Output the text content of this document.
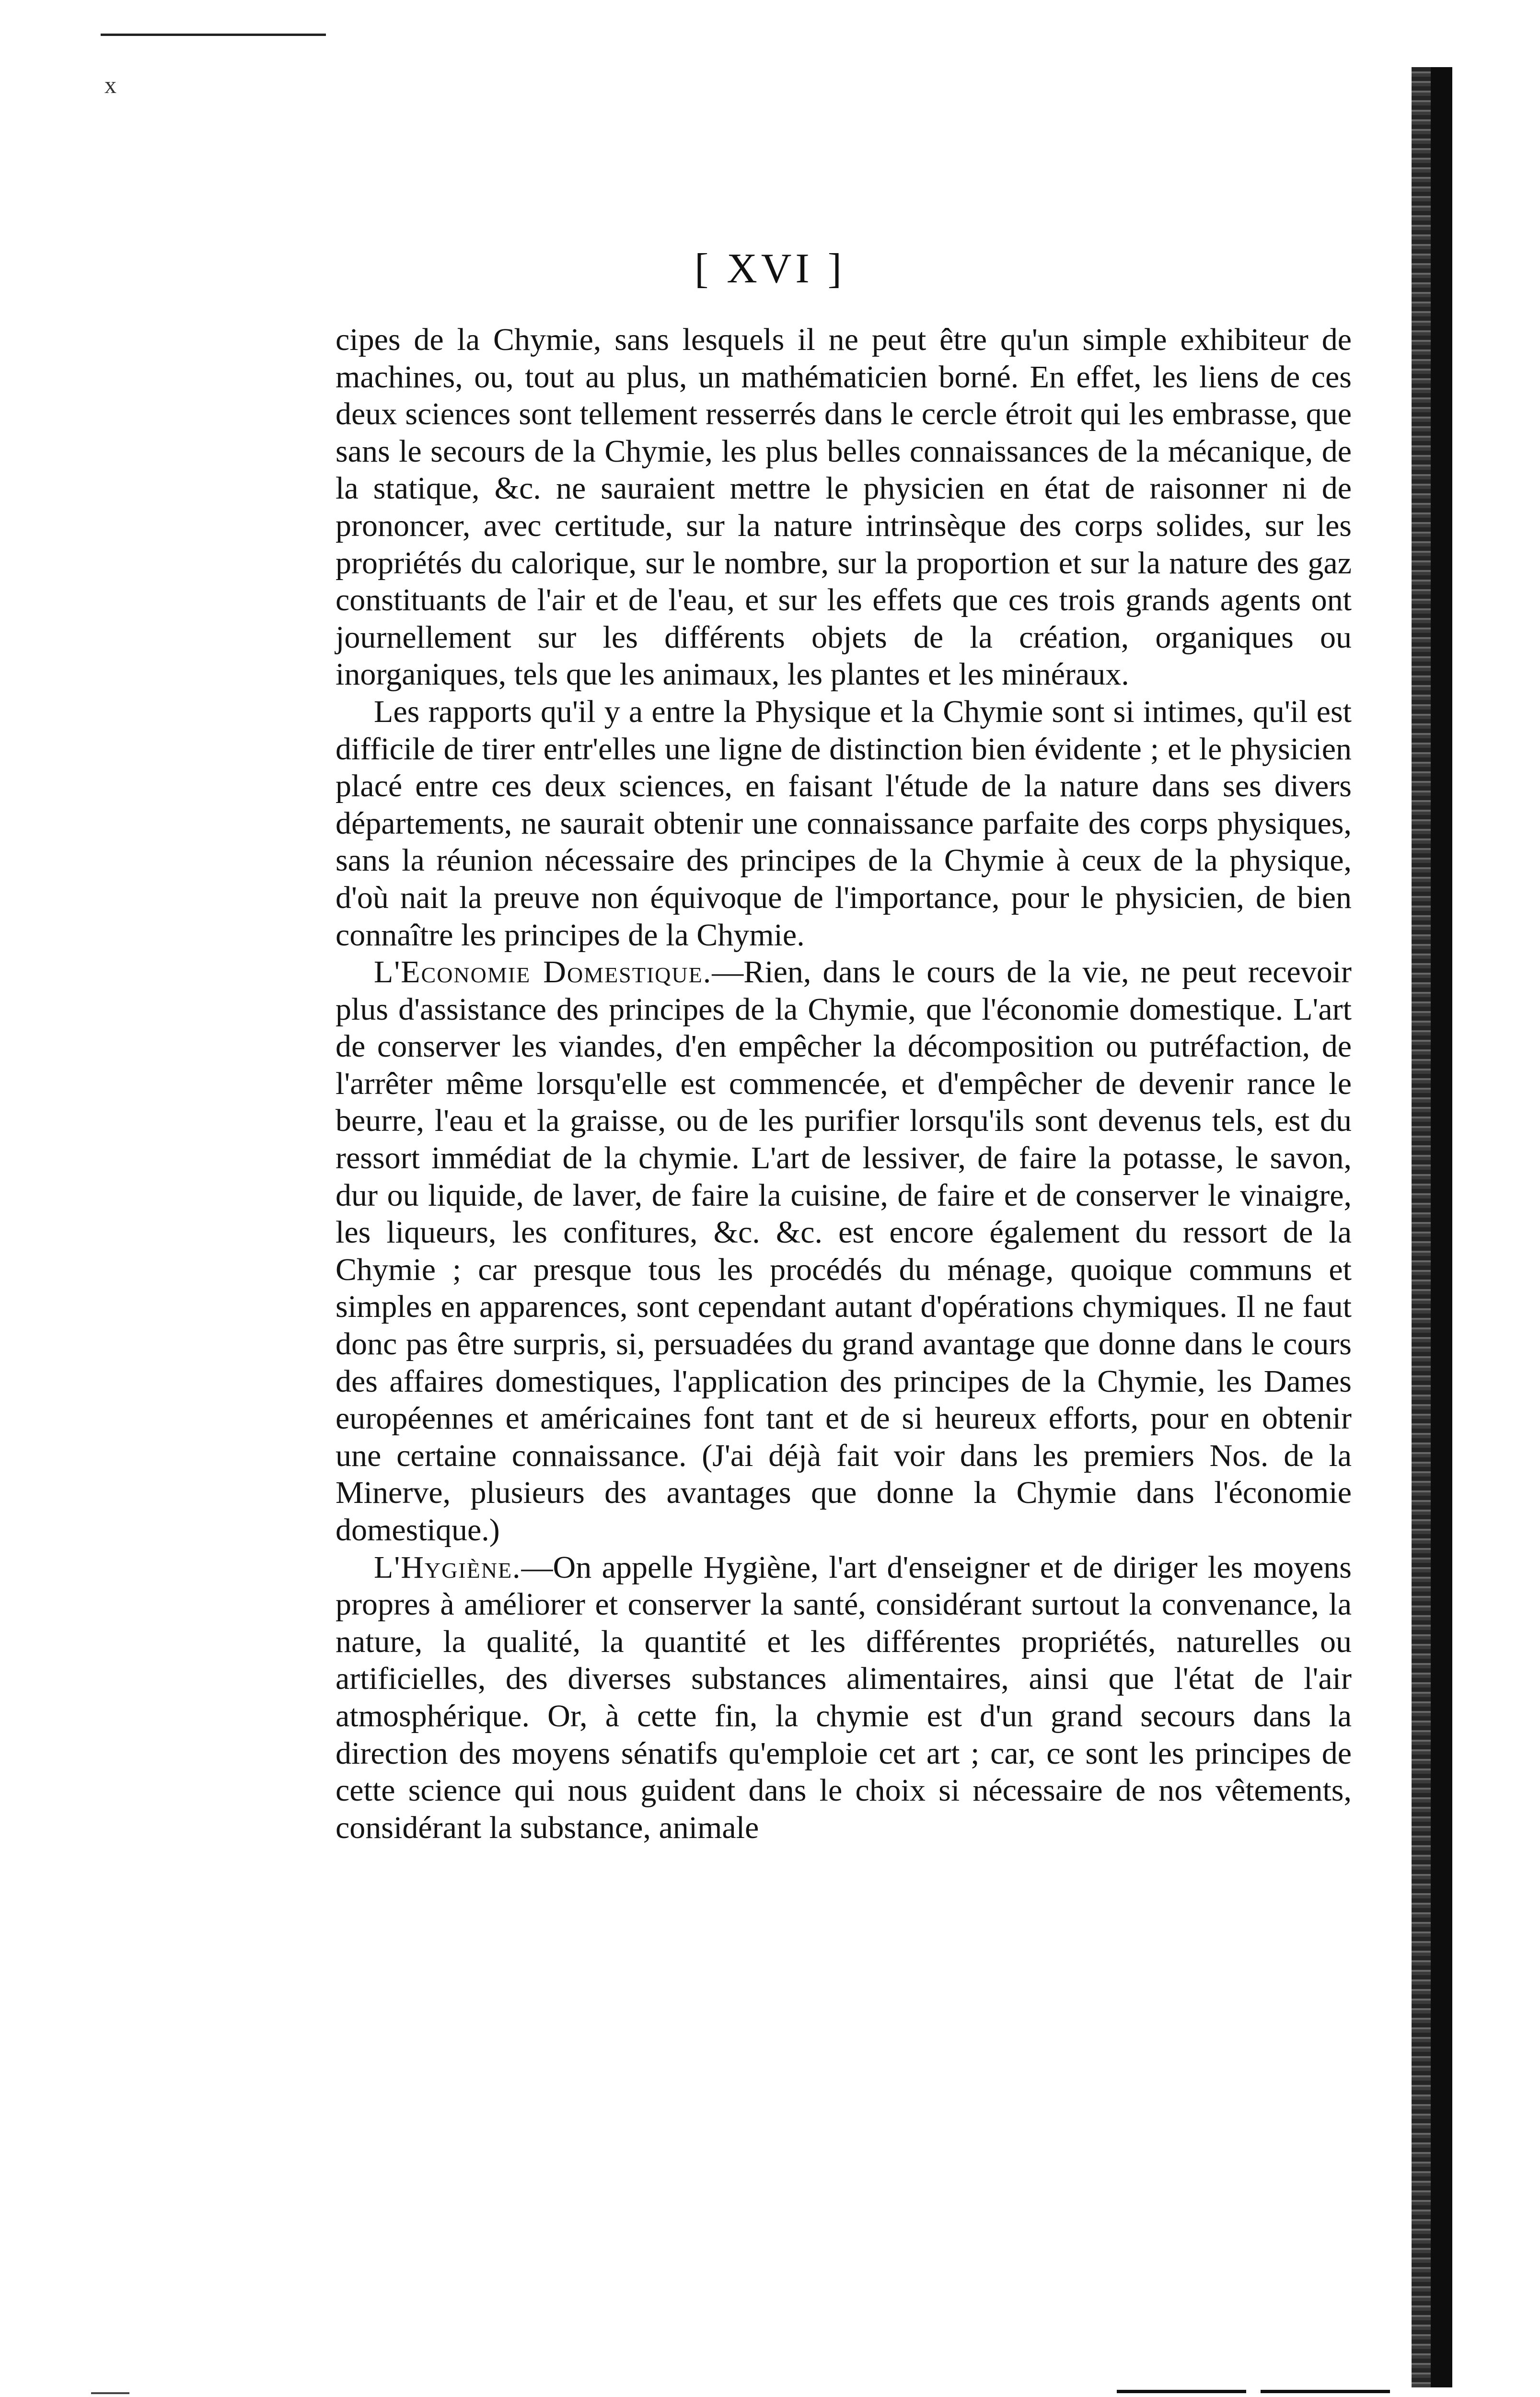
x
[ XVI ]

cipes de la Chymie, sans lesquels il ne peut être qu'un simple exhibiteur de machines, ou, tout au plus, un mathématicien borné. En effet, les liens de ces deux sciences sont tellement resserrés dans le cercle étroit qui les embrasse, que sans le secours de la Chymie, les plus belles connaissances de la mécanique, de la statique, &c. ne sauraient mettre le physicien en état de raisonner ni de prononcer, avec certitude, sur la nature intrinsèque des corps solides, sur les propriétés du calorique, sur le nombre, sur la proportion et sur la nature des gaz constituants de l'air et de l'eau, et sur les effets que ces trois grands agents ont journellement sur les différents objets de la création, organiques ou inorganiques, tels que les animaux, les plantes et les minéraux.

Les rapports qu'il y a entre la Physique et la Chymie sont si intimes, qu'il est difficile de tirer entr'elles une ligne de distinction bien évidente ; et le physicien placé entre ces deux sciences, en faisant l'étude de la nature dans ses divers départements, ne saurait obtenir une connaissance parfaite des corps physiques, sans la réunion nécessaire des principes de la Chymie à ceux de la physique, d'où nait la preuve non équivoque de l'importance, pour le physicien, de bien connaître les principes de la Chymie.

L'Economie Domestique.—Rien, dans le cours de la vie, ne peut recevoir plus d'assistance des principes de la Chymie, que l'économie domestique. L'art de conserver les viandes, d'en empêcher la décomposition ou putréfaction, de l'arrêter même lorsqu'elle est commencée, et d'empêcher de devenir rance le beurre, l'eau et la graisse, ou de les purifier lorsqu'ils sont devenus tels, est du ressort immédiat de la chymie. L'art de lessiver, de faire la potasse, le savon, dur ou liquide, de laver, de faire la cuisine, de faire et de conserver le vinaigre, les liqueurs, les confitures, &c. &c. est encore également du ressort de la Chymie ; car presque tous les procédés du ménage, quoique communs et simples en apparences, sont cependant autant d'opérations chymiques. Il ne faut donc pas être surpris, si, persuadées du grand avantage que donne dans le cours des affaires domestiques, l'application des principes de la Chymie, les Dames européennes et américaines font tant et de si heureux efforts, pour en obtenir une certaine connaissance. (J'ai déjà fait voir dans les premiers Nos. de la Minerve, plusieurs des avantages que donne la Chymie dans l'économie domestique.)

L'Hygiène.—On appelle Hygiène, l'art d'enseigner et de diriger les moyens propres à améliorer et conserver la santé, considérant surtout la convenance, la nature, la qualité, la quantité et les différentes propriétés, naturelles ou artificielles, des diverses substances alimentaires, ainsi que l'état de l'air atmosphérique. Or, à cette fin, la chymie est d'un grand secours dans la direction des moyens sénatifs qu'emploie cet art ; car, ce sont les principes de cette science qui nous guident dans le choix si nécessaire de nos vêtements, considérant la substance, animale
